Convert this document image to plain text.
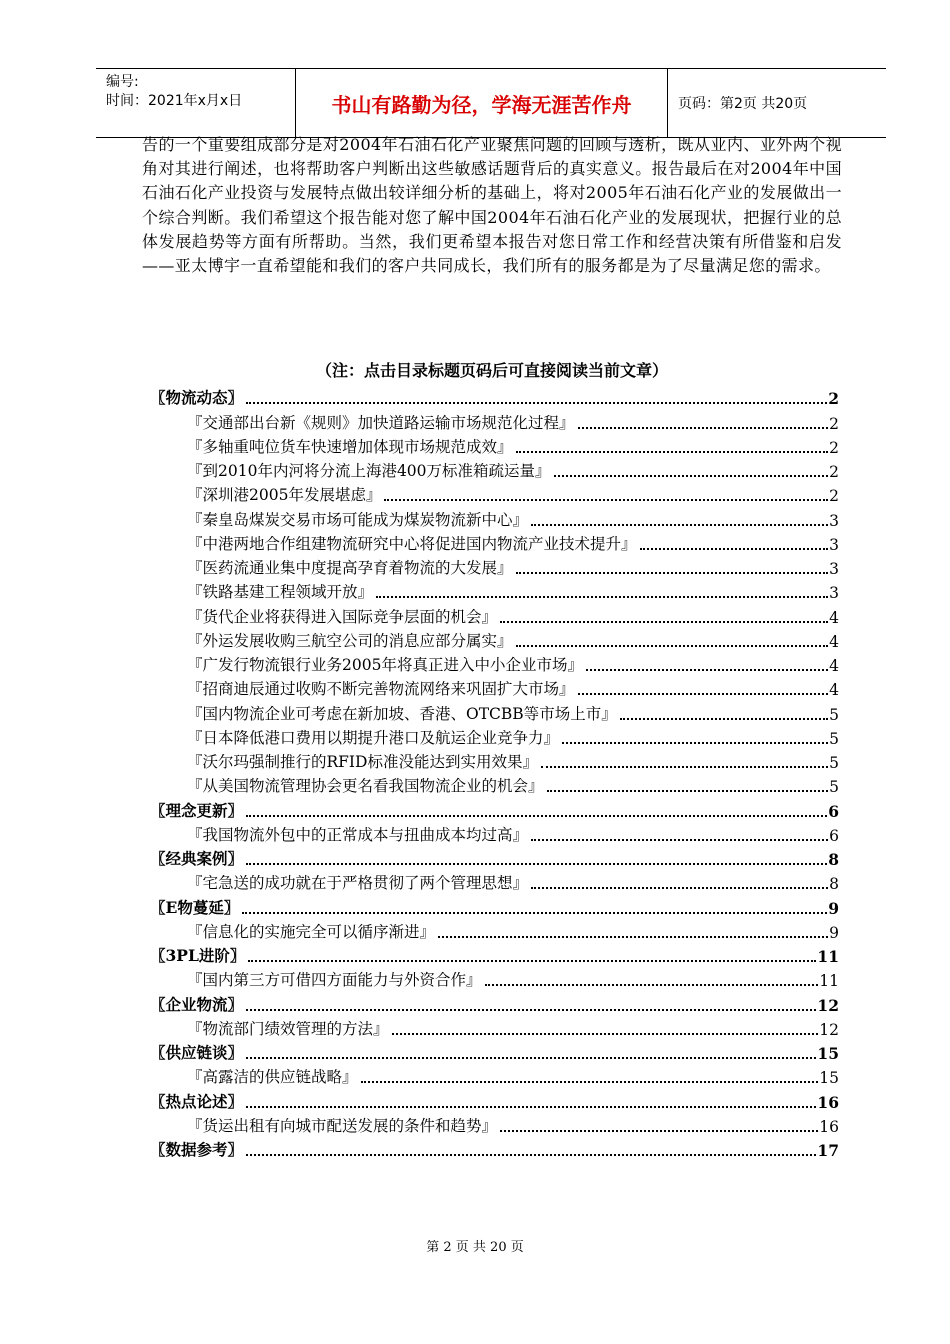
编号:
时间：2021年x月x日	书山有路勤为径，学海无涯苦作舟	页码：第2页 共20页
告的一个重要组成部分是对2004年石油石化产业聚焦问题的回顾与透析，既从业内、业外两个视角对其进行阐述，也将帮助客户判断出这些敏感话题背后的真实意义。报告最后在对2004年中国石油石化产业投资与发展特点做出较详细分析的基础上，将对2005年石油石化产业的发展做出一个综合判断。我们希望这个报告能对您了解中国2004年石油石化产业的发展现状，把握行业的总体发展趋势等方面有所帮助。当然，我们更希望本报告对您日常工作和经营决策有所借鉴和启发——亚太博宇一直希望能和我们的客户共同成长，我们所有的服务都是为了尽量满足您的需求。
（注：点击目录标题页码后可直接阅读当前文章）
〖物流动态〗	2
『交通部出台新《规则》加快道路运输市场规范化过程』	2
『多轴重吨位货车快速增加体现市场规范成效』	2
『到2010年内河将分流上海港400万标准箱疏运量』	2
『深圳港2005年发展堪虑』	2
『秦皇岛煤炭交易市场可能成为煤炭物流新中心』	3
『中港两地合作组建物流研究中心将促进国内物流产业技术提升』	3
『医药流通业集中度提高孕育着物流的大发展』	3
『铁路基建工程领域开放』	3
『货代企业将获得进入国际竞争层面的机会』	4
『外运发展收购三航空公司的消息应部分属实』	4
『广发行物流银行业务2005年将真正进入中小企业市场』	4
『招商迪辰通过收购不断完善物流网络来巩固扩大市场』	4
『国内物流企业可考虑在新加坡、香港、OTCBB等市场上市』	5
『日本降低港口费用以期提升港口及航运企业竞争力』	5
『沃尔玛强制推行的RFID标准没能达到实用效果』	5
『从美国物流管理协会更名看我国物流企业的机会』	5
〖理念更新〗	6
『我国物流外包中的正常成本与扭曲成本均过高』	6
〖经典案例〗	8
『宅急送的成功就在于严格贯彻了两个管理思想』	8
〖E物蔓延〗	9
『信息化的实施完全可以循序渐进』	9
〖3PL进阶〗	11
『国内第三方可借四方面能力与外资合作』	11
〖企业物流〗	12
『物流部门绩效管理的方法』	12
〖供应链谈〗	15
『高露洁的供应链战略』	15
〖热点论述〗	16
『货运出租有向城市配送发展的条件和趋势』	16
〖数据参考〗	17
第 2 页 共 20 页
